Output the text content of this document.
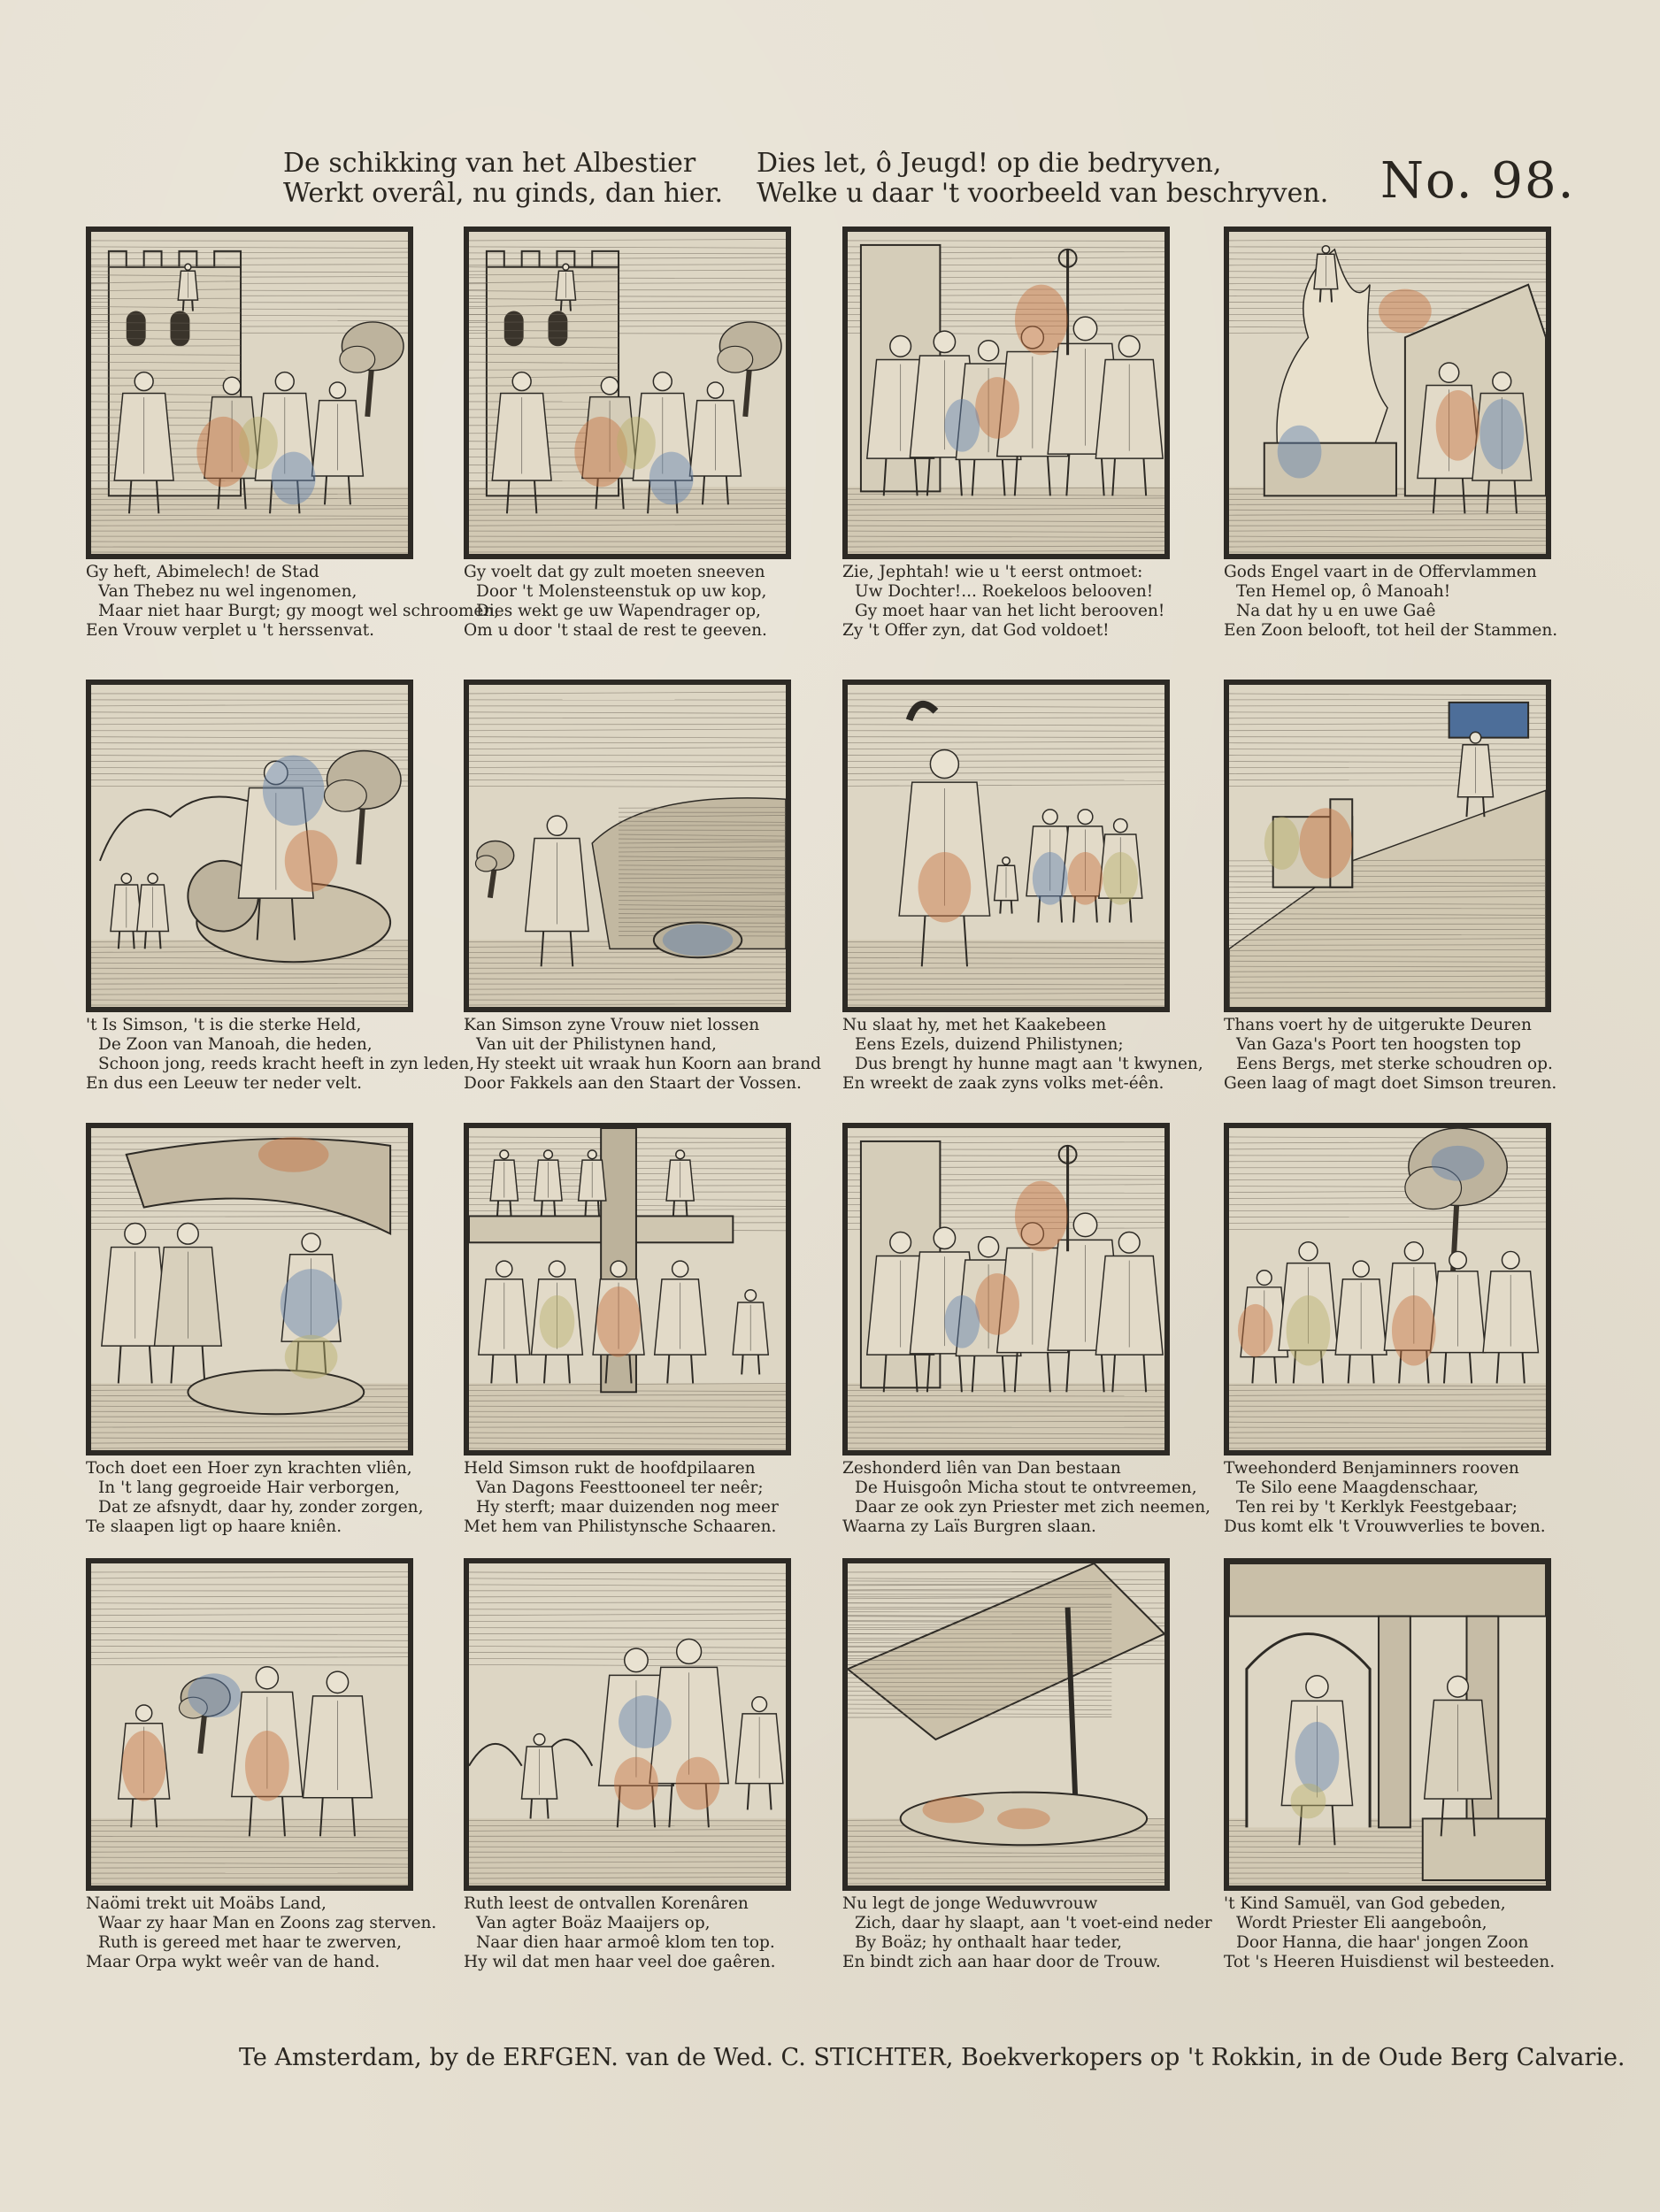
De schikking van het Albestier
Werkt overâl, nu ginds, dan hier.
Dies let, ô Jeugd! op die bedryven,
Welke u daar 't voorbeeld van beschryven. No. 98.
Gy heft, Abimelech! de Stad
Van Thebez nu wel ingenomen,
Maar niet haar Burgt; gy moogt wel schroomen,
Een Vrouw verplet u 't herssenvat.
Gy voelt dat gy zult moeten sneeven
Door 't Molensteenstuk op uw kop,
Dies wekt ge uw Wapendrager op,
Om u door 't staal de rest te geeven.
Zie, Jephtah! wie u 't eerst ontmoet:
Uw Dochter!... Roekeloos belooven!
Gy moet haar van het licht berooven!
Zy 't Offer zyn, dat God voldoet!
Gods Engel vaart in de Offervlammen
Ten Hemel op, ô Manoah!
Na dat hy u en uwe Gaê
Een Zoon belooft, tot heil der Stammen.
't Is Simson, 't is die sterke Held,
De Zoon van Manoah, die heden,
Schoon jong, reeds kracht heeft in zyn leden,
En dus een Leeuw ter neder velt.
Kan Simson zyne Vrouw niet lossen
Van uit der Philistynen hand,
Hy steekt uit wraak hun Koorn aan brand
Door Fakkels aan den Staart der Vossen.
Nu slaat hy, met het Kaakebeen
Eens Ezels, duizend Philistynen;
Dus brengt hy hunne magt aan 't kwynen,
En wreekt de zaak zyns volks met-éên.
Thans voert hy de uitgerukte Deuren
Van Gaza's Poort ten hoogsten top
Eens Bergs, met sterke schoudren op.
Geen laag of magt doet Simson treuren.
Toch doet een Hoer zyn krachten vliên,
In 't lang gegroeide Hair verborgen,
Dat ze afsnydt, daar hy, zonder zorgen,
Te slaapen ligt op haare kniên.
Held Simson rukt de hoofdpilaaren
Van Dagons Feesttooneel ter neêr;
Hy sterft; maar duizenden nog meer
Met hem van Philistynsche Schaaren.
Zeshonderd liên van Dan bestaan
De Huisgoôn Micha stout te ontvreemen,
Daar ze ook zyn Priester met zich neemen,
Waarna zy Laïs Burgren slaan.
Tweehonderd Benjaminners rooven
Te Silo eene Maagdenschaar,
Ten rei by 't Kerklyk Feestgebaar;
Dus komt elk 't Vrouwverlies te boven.
Naömi trekt uit Moäbs Land,
Waar zy haar Man en Zoons zag sterven.
Ruth is gereed met haar te zwerven,
Maar Orpa wykt weêr van de hand.
Ruth leest de ontvallen Korenâren
Van agter Boäz Maaijers op,
Naar dien haar armoê klom ten top.
Hy wil dat men haar veel doe gaêren.
Nu legt de jonge Weduwvrouw
Zich, daar hy slaapt, aan 't voet-eind neder
By Boäz; hy onthaalt haar teder,
En bindt zich aan haar door de Trouw.
't Kind Samuël, van God gebeden,
Wordt Priester Eli aangeboôn,
Door Hanna, die haar' jongen Zoon
Tot 's Heeren Huisdienst wil besteeden.
Te Amsterdam, by de ERFGEN. van de Wed. C. STICHTER, Boekverkopers op 't Rokkin, in de Oude Berg Calvarie.
